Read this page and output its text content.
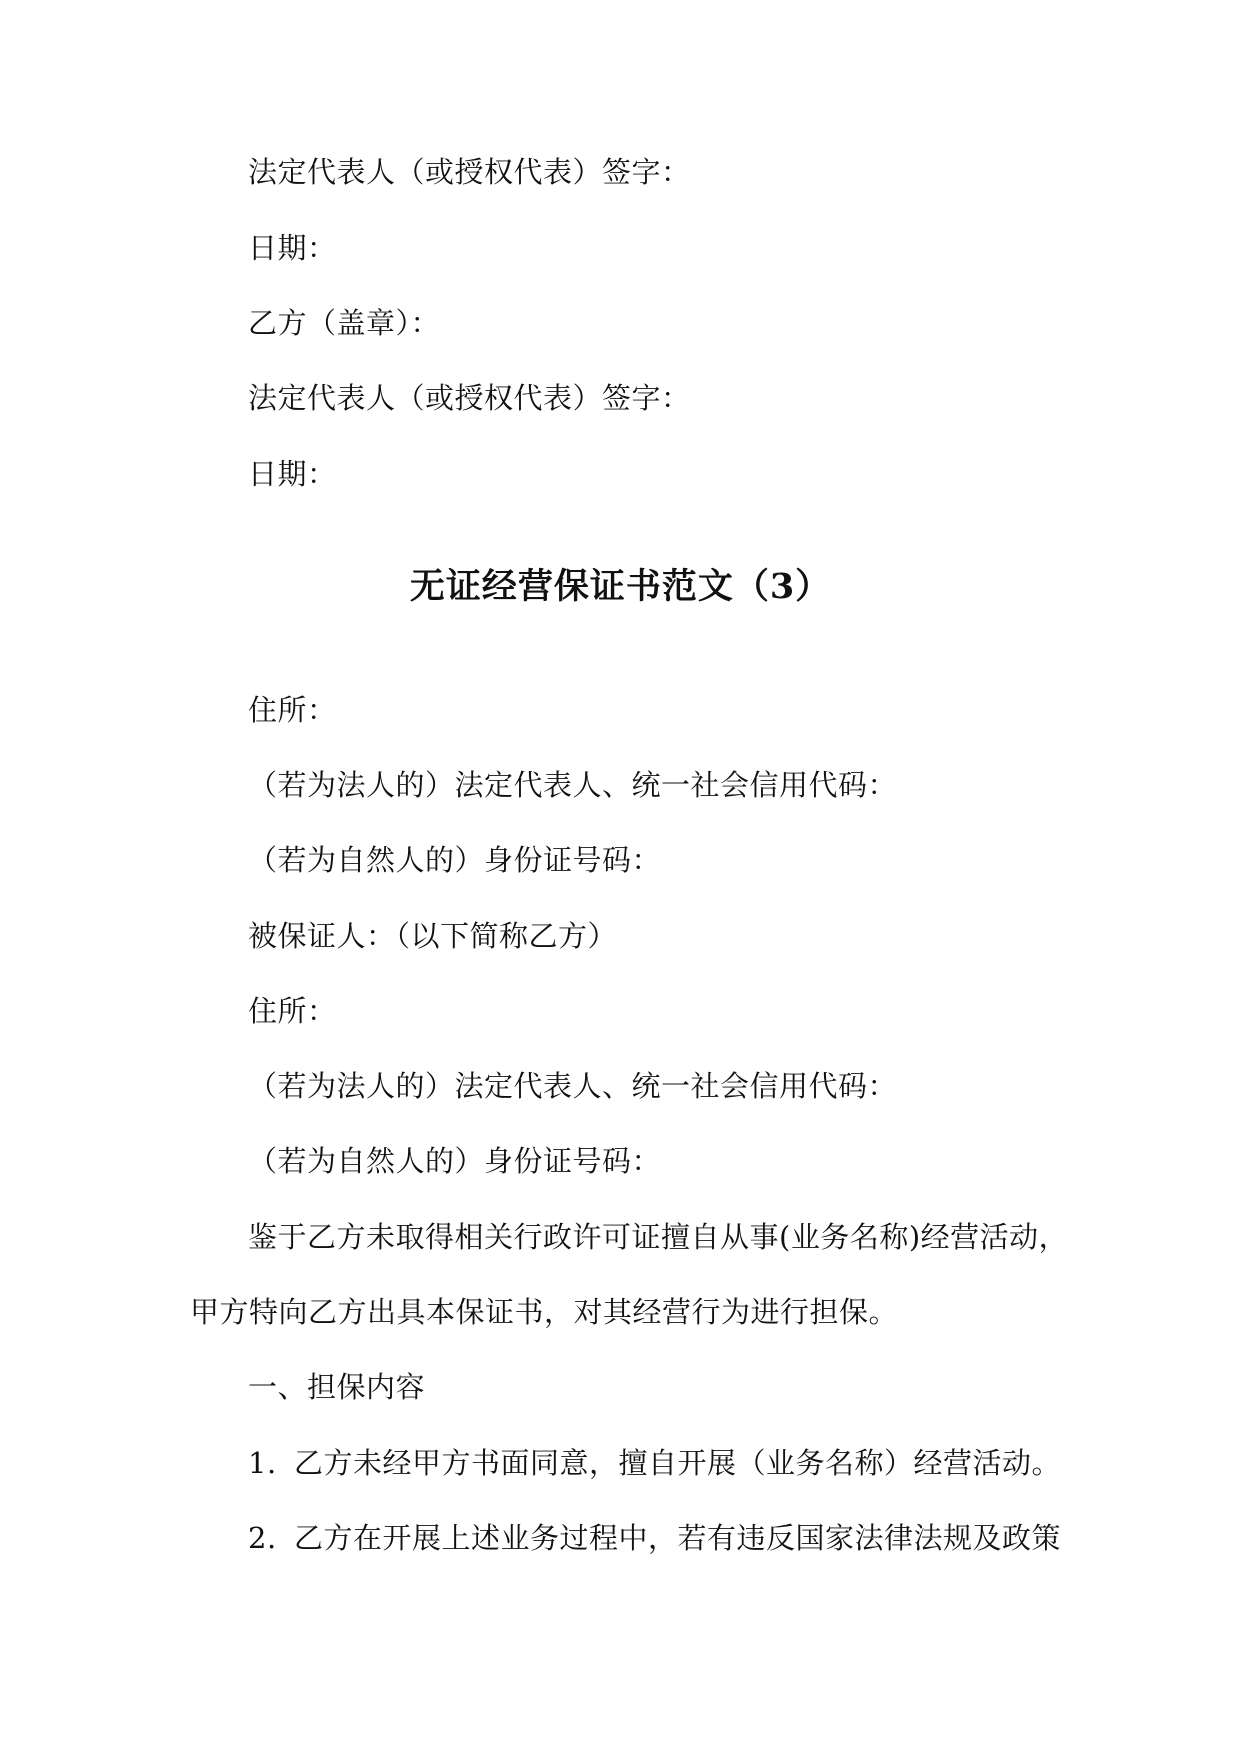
法定代表人（或授权代表）签字：
日期：
乙方（盖章）：
法定代表人（或授权代表）签字：
日期：
无证经营保证书范文（3）
住所：
（若为法人的）法定代表人、统一社会信用代码：
（若为自然人的）身份证号码：
被保证人：（以下简称乙方）
住所：
（若为法人的）法定代表人、统一社会信用代码：
（若为自然人的）身份证号码：
鉴于乙方未取得相关行政许可证擅自从事(业务名称)经营活动，
甲方特向乙方出具本保证书，对其经营行为进行担保。
一、担保内容
1. 乙方未经甲方书面同意，擅自开展（业务名称）经营活动。
2. 乙方在开展上述业务过程中，若有违反国家法律法规及政策
